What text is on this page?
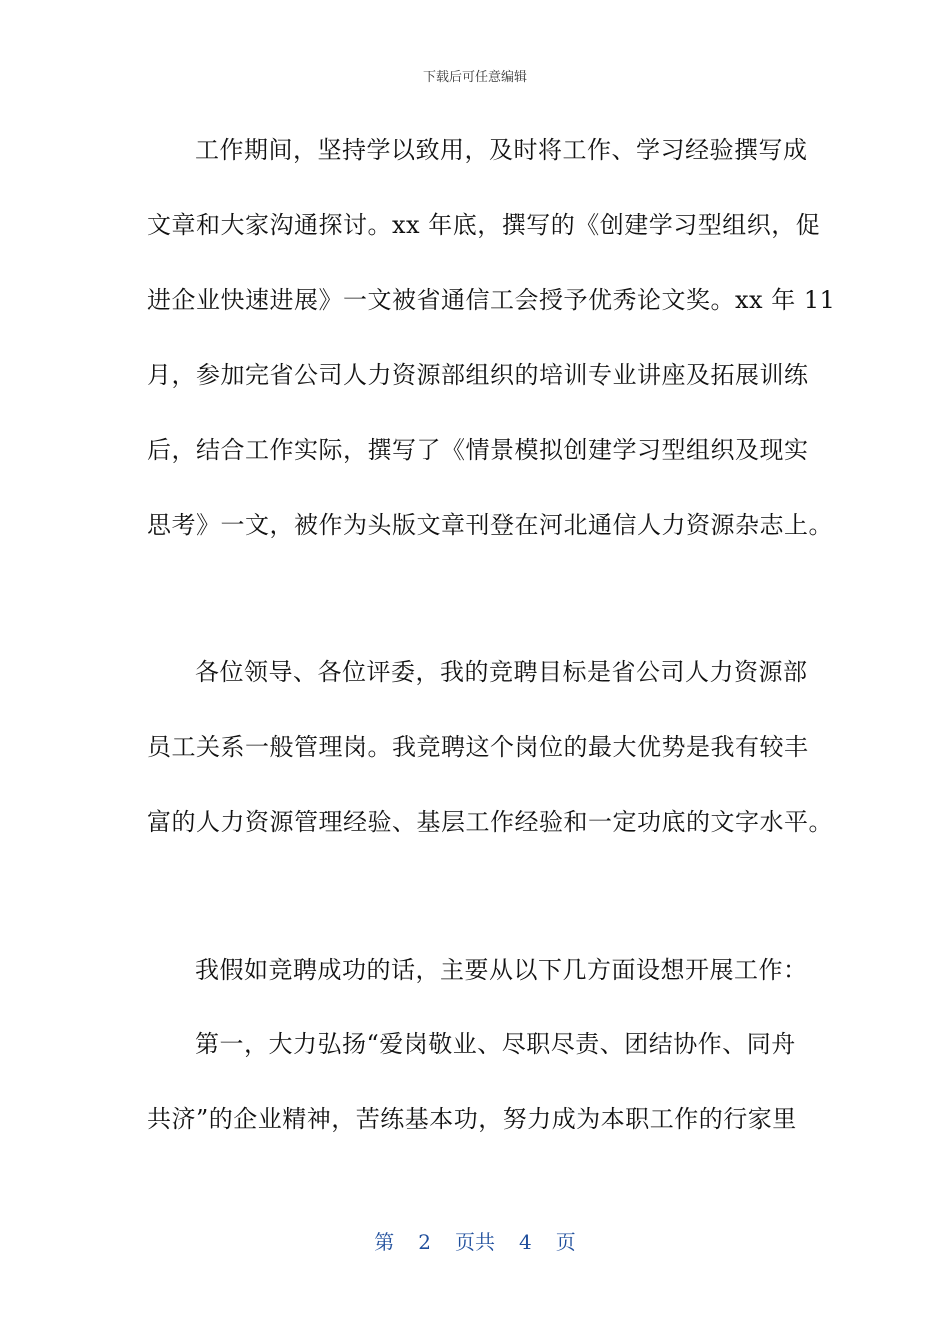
下载后可任意编辑
工作期间，坚持学以致用，及时将工作、学习经验撰写成
文章和大家沟通探讨。xx 年底，撰写的《创建学习型组织，促
进企业快速进展》一文被省通信工会授予优秀论文奖。xx 年 11
月，参加完省公司人力资源部组织的培训专业讲座及拓展训练
后，结合工作实际，撰写了《情景模拟创建学习型组织及现实
思考》一文，被作为头版文章刊登在河北通信人力资源杂志上。
各位领导、各位评委，我的竞聘目标是省公司人力资源部
员工关系一般管理岗。我竞聘这个岗位的最大优势是我有较丰
富的人力资源管理经验、基层工作经验和一定功底的文字水平。
我假如竞聘成功的话，主要从以下几方面设想开展工作：
第一，大力弘扬“爱岗敬业、尽职尽责、团结协作、同舟
共济”的企业精神，苦练基本功，努力成为本职工作的行家里
第 2 页共 4 页
